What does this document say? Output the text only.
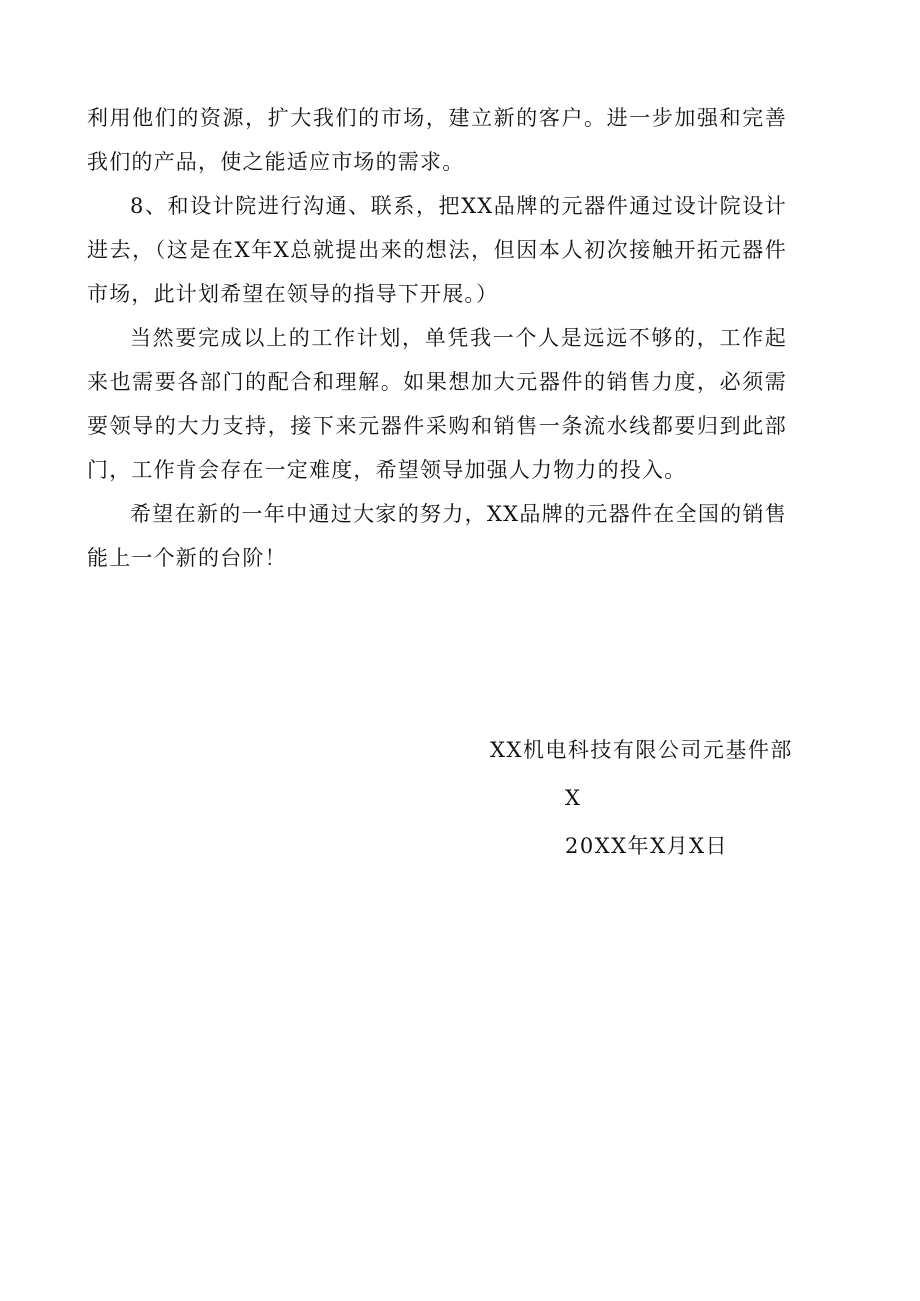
利用他们的资源，扩大我们的市场，建立新的客户。进一步加强和完善我们的产品，使之能适应市场的需求。

8、和设计院进行沟通、联系，把XX品牌的元器件通过设计院设计进去，（这是在X年X总就提出来的想法，但因本人初次接触开拓元器件市场，此计划希望在领导的指导下开展。）

当然要完成以上的工作计划，单凭我一个人是远远不够的，工作起来也需要各部门的配合和理解。如果想加大元器件的销售力度，必须需要领导的大力支持，接下来元器件采购和销售一条流水线都要归到此部门，工作肯会存在一定难度，希望领导加强人力物力的投入。

希望在新的一年中通过大家的努力，XX品牌的元器件在全国的销售能上一个新的台阶！

XX机电科技有限公司元基件部

X

20XX年X月X日
